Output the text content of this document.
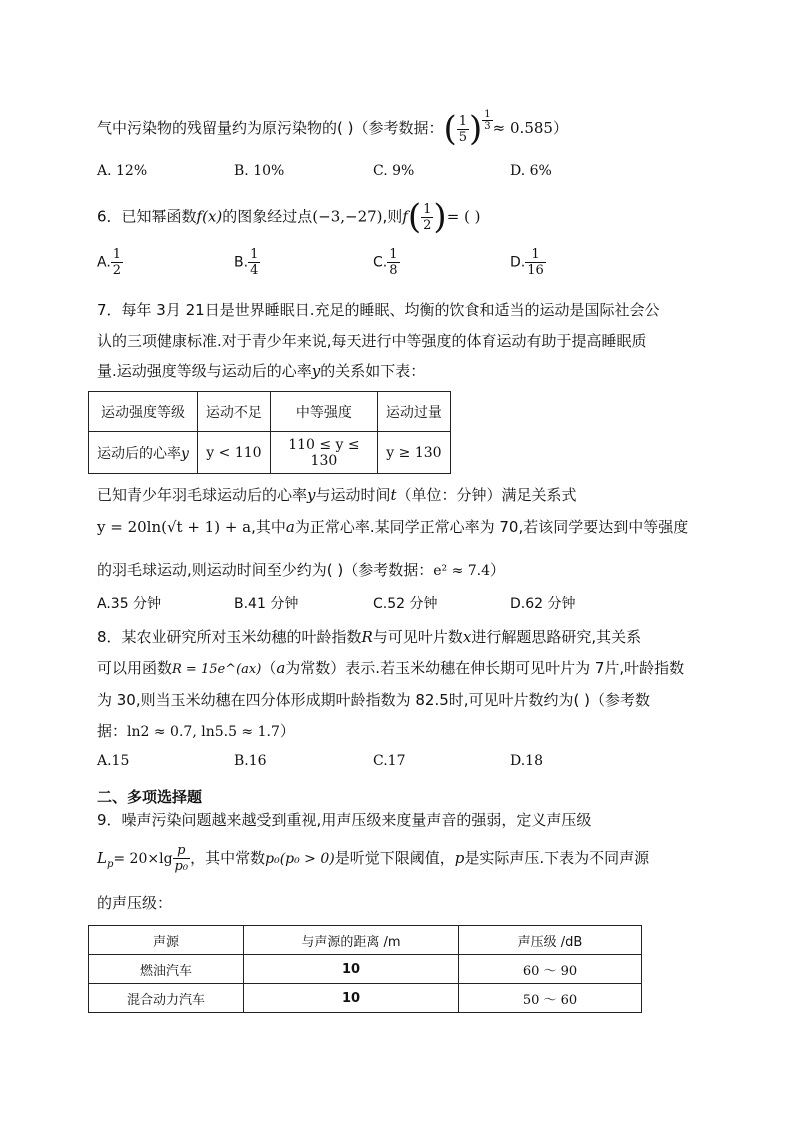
气中污染物的残留量约为原污染物的( )（参考数据：( $\frac{1}{5}$ ) $^{\frac{1}{3}}$ ≈ 0.585）
A. 12%	B. 10%	C. 9%	D. 6%
6．已知幂函数f(x)的图象经过点(−3,−27),则$f( \frac{1}{2}$ )= ( )
A. $\frac{1}{2}$	B. $\frac{1}{4}$	C. $\frac{1}{8}$	D. $\frac{1}{16}$
7．每年 3月 21日是世界睡眠日.充足的睡眠、均衡的饮食和适当的运动是国际社会公
认的三项健康标准.对于青少年来说,每天进行中等强度的体育运动有助于提高睡眠质
量.运动强度等级与运动后的心率y的关系如下表：
运动强度等级	运动不足	中等强度	运动过量
运动后的心率y	y < 110	110 ≤ y ≤ 130	y ≥ 130
已知青少年羽毛球运动后的心率y与运动时间t（单位：分钟）满足关系式
y = 20ln(√t + 1) + a,其中a为正常心率.某同学正常心率为 70,若该同学要达到中等强度
的羽毛球运动,则运动时间至少约为( )（参考数据：e² ≈ 7.4）
A.35 分钟	B.41 分钟	C.52 分钟	D.62 分钟
8．某农业研究所对玉米幼穗的叶龄指数R与可见叶片数x进行解题思路研究,其关系
可以用函数R = 15e^(ax)（a为常数）表示.若玉米幼穗在伸长期可见叶片为 7片,叶龄指数
为 30,则当玉米幼穗在四分体形成期叶龄指数为 82.5时,可见叶片数约为( )（参考数
据：ln2 ≈ 0.7, ln5.5 ≈ 1.7）
A.15	B.16	C.17	D.18
二、多项选择题
9．噪声污染问题越来越受到重视,用声压级来度量声音的强弱，定义声压级
$L_p= 20\times\lg \frac{p}{\text{p₀}}$ ，其中常数p₀(p₀ > 0)是听觉下限阈值，p是实际声压.下表为不同声源
的声压级：
声源	与声源的距离 /m	声压级 /dB
燃油汽车	10	60 ～ 90
混合动力汽车	10	50 ～ 60
